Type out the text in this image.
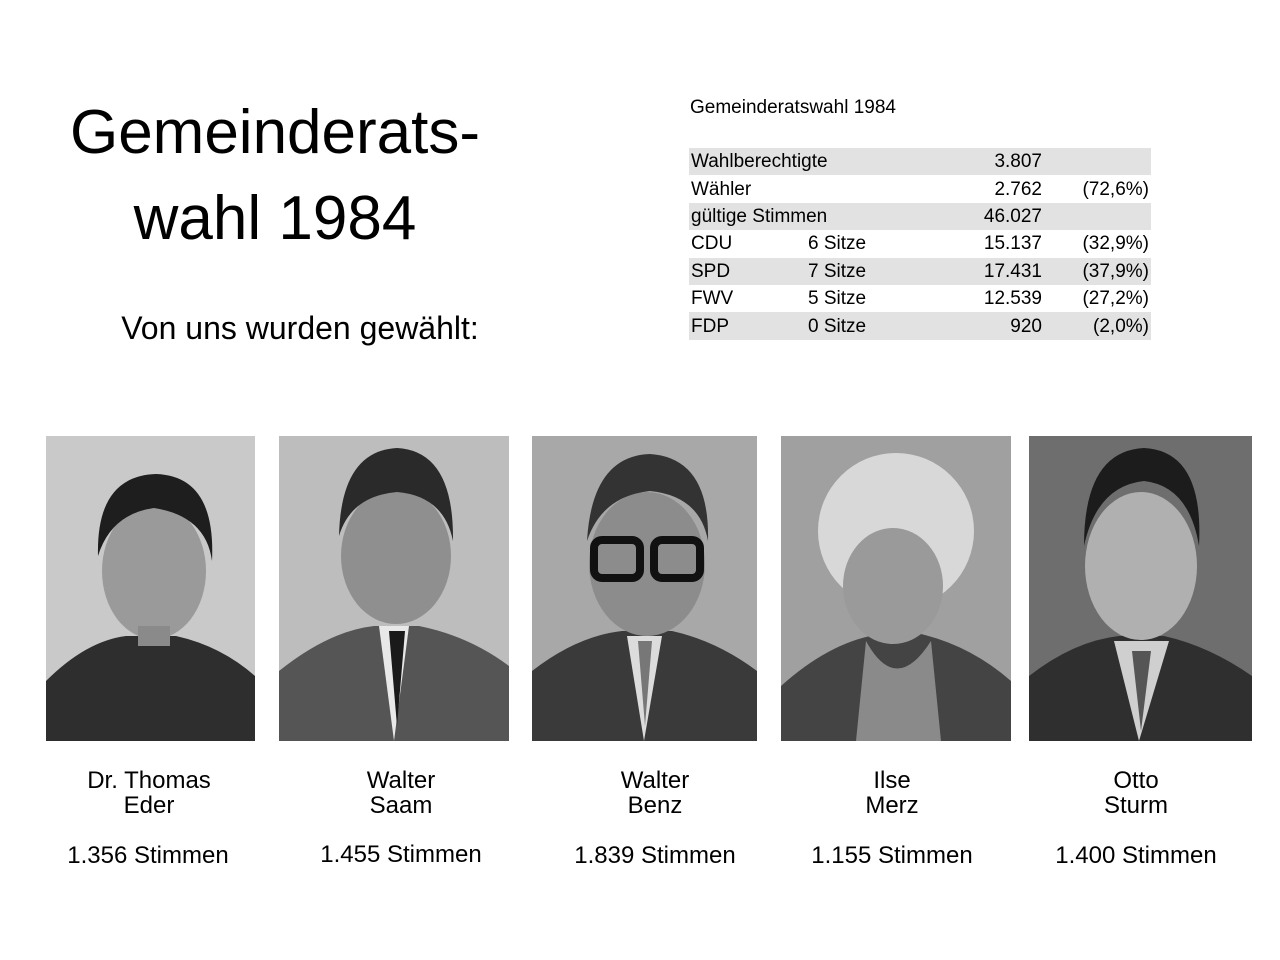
Gemeinderats-
wahl 1984
Von uns wurden gewählt:
Gemeinderatswahl 1984
Wahlberechtigte		3.807	
Wähler		2.762	(72,6%)
gültige Stimmen		46.027	
CDU	6 Sitze	15.137	(32,9%)
SPD	7 Sitze	17.431	(37,9%)
FWV	5 Sitze	12.539	(27,2%)
FDP	0 Sitze	920	(2,0%)
Dr. Thomas
Eder
Walter
Saam
Walter
Benz
Ilse
Merz
Otto
Sturm
1.356 Stimmen	1.455 Stimmen	1.839 Stimmen	1.155 Stimmen	1.400 Stimmen
